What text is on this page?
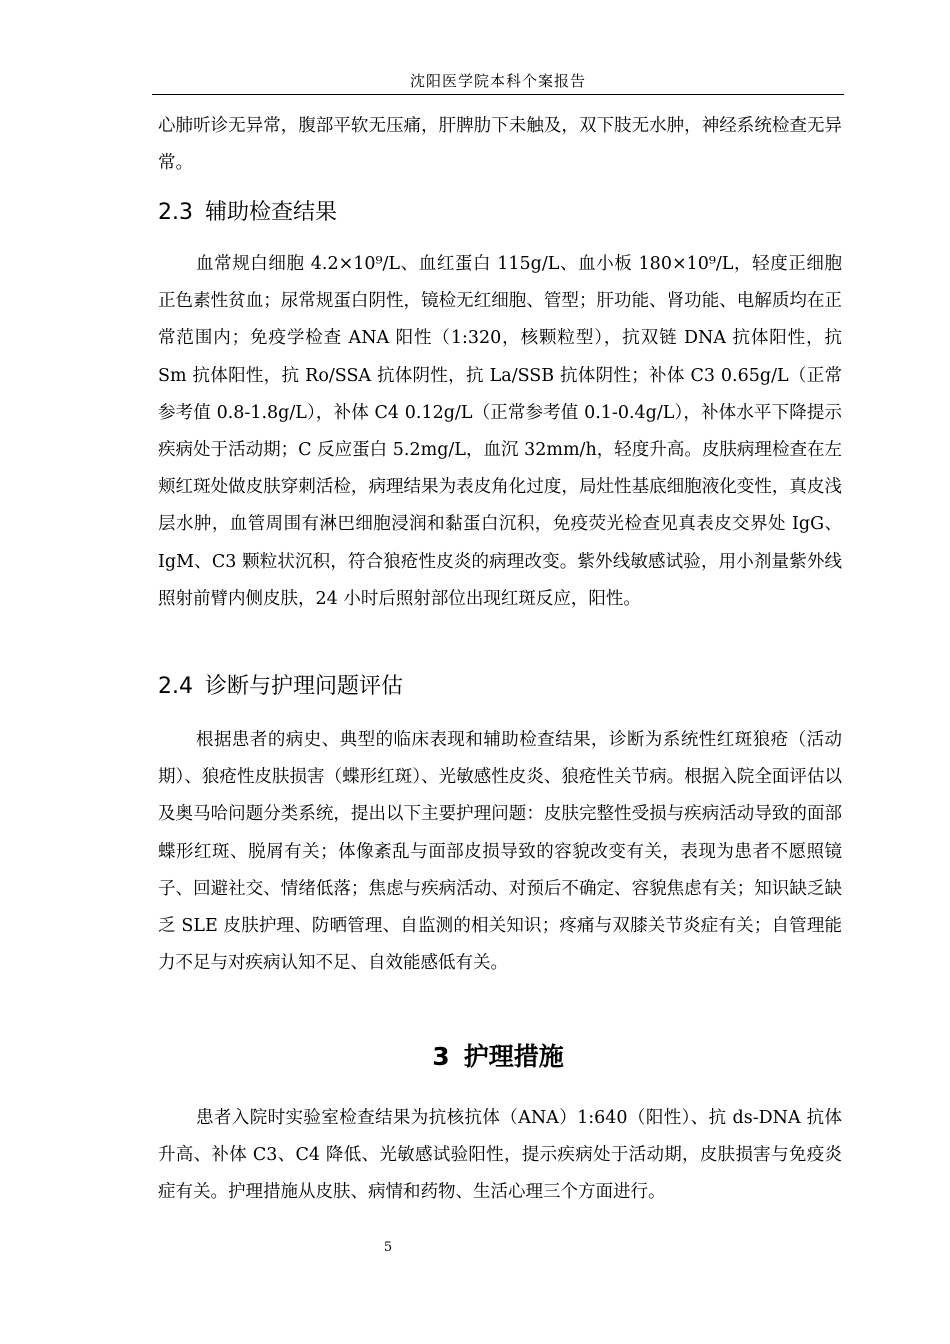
沈阳医学院本科个案报告

心肺听诊无异常，腹部平软无压痛，肝脾肋下未触及，双下肢无水肿，神经系统检查无异常。

2.3 辅助检查结果

血常规白细胞 4.2×10⁹/L、血红蛋白 115g/L、血小板 180×10⁹/L，轻度正细胞正色素性贫血；尿常规蛋白阴性，镜检无红细胞、管型；肝功能、肾功能、电解质均在正常范围内；免疫学检查 ANA 阳性（1:320，核颗粒型），抗双链 DNA 抗体阳性，抗 Sm 抗体阳性，抗 Ro/SSA 抗体阴性，抗 La/SSB 抗体阴性；补体 C3 0.65g/L（正常参考值 0.8-1.8g/L），补体 C4 0.12g/L（正常参考值 0.1-0.4g/L），补体水平下降提示疾病处于活动期；C 反应蛋白 5.2mg/L，血沉 32mm/h，轻度升高。皮肤病理检查在左颊红斑处做皮肤穿刺活检，病理结果为表皮角化过度，局灶性基底细胞液化变性，真皮浅层水肿，血管周围有淋巴细胞浸润和黏蛋白沉积，免疫荧光检查见真表皮交界处 IgG、IgM、C3 颗粒状沉积，符合狼疮性皮炎的病理改变。紫外线敏感试验，用小剂量紫外线照射前臂内侧皮肤，24 小时后照射部位出现红斑反应，阳性。

2.4 诊断与护理问题评估

根据患者的病史、典型的临床表现和辅助检查结果，诊断为系统性红斑狼疮（活动期）、狼疮性皮肤损害（蝶形红斑）、光敏感性皮炎、狼疮性关节病。根据入院全面评估以及奥马哈问题分类系统，提出以下主要护理问题：皮肤完整性受损与疾病活动导致的面部蝶形红斑、脱屑有关；体像紊乱与面部皮损导致的容貌改变有关，表现为患者不愿照镜子、回避社交、情绪低落；焦虑与疾病活动、对预后不确定、容貌焦虑有关；知识缺乏缺乏 SLE 皮肤护理、防晒管理、自监测的相关知识；疼痛与双膝关节炎症有关；自管理能力不足与对疾病认知不足、自效能感低有关。

3 护理措施

患者入院时实验室检查结果为抗核抗体（ANA）1:640（阳性）、抗 ds-DNA 抗体升高、补体 C3、C4 降低、光敏感试验阳性，提示疾病处于活动期，皮肤损害与免疫炎症有关。护理措施从皮肤、病情和药物、生活心理三个方面进行。

5
